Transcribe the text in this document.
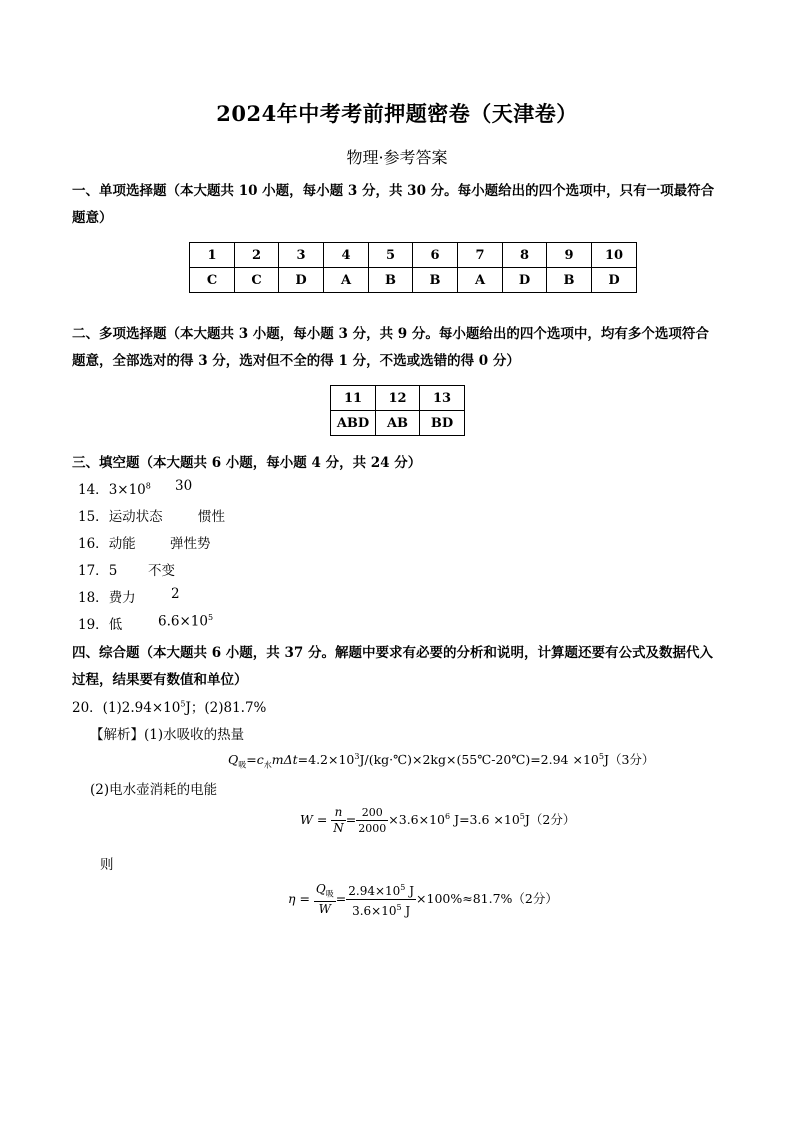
2024年中考考前押题密卷（天津卷）
物理·参考答案
一、单项选择题（本大题共 10 小题，每小题 3 分，共 30 分。每小题给出的四个选项中，只有一项最符合
题意）
1	2	3	4	5	6	7	8	9	10
C	C	D	A	B	B	A	D	B	D
二、多项选择题（本大题共 3 小题，每小题 3 分，共 9 分。每小题给出的四个选项中，均有多个选项符合
题意，全部选对的得 3 分，选对但不全的得 1 分，不选或选错的得 0 分）
11	12	13
ABD	AB	BD
三、填空题（本大题共 6 小题，每小题 4 分，共 24 分）
14．$3\times 10^8$ 30
15．运动状态	惯性
16．动能	弹性势
17．5 不变
18．费力	2
19．低	$6.6\times 10^5$
四、综合题（本大题共 6 小题，共 37 分。解题中要求有必要的分析和说明，计算题还要有公式及数据代入
过程，结果要有数值和单位）
20．$(1)2.94\times 10^5J$；(2)81.7%
【解析】(1)水吸收的热量
$Q_吸=c_水m\Delta t=4.2\times 10^3J/(kg\cdot℃)\times 2kg\times(55℃-20℃)=2.94 \times 10^5J(3$分）
(2)电水壶消耗的电能
$W = \frac{n}{N} = \frac{200}{2000} \times 3.6\times 10^6$ $J=3.6 \times 10^5J(2$分）
则
$\eta = \frac{Q_吸}{W} = \frac{2.94\times 10^5 J}{3.6\times 10^5 J} \times 100\%\approx 81.7\%(2$分）
